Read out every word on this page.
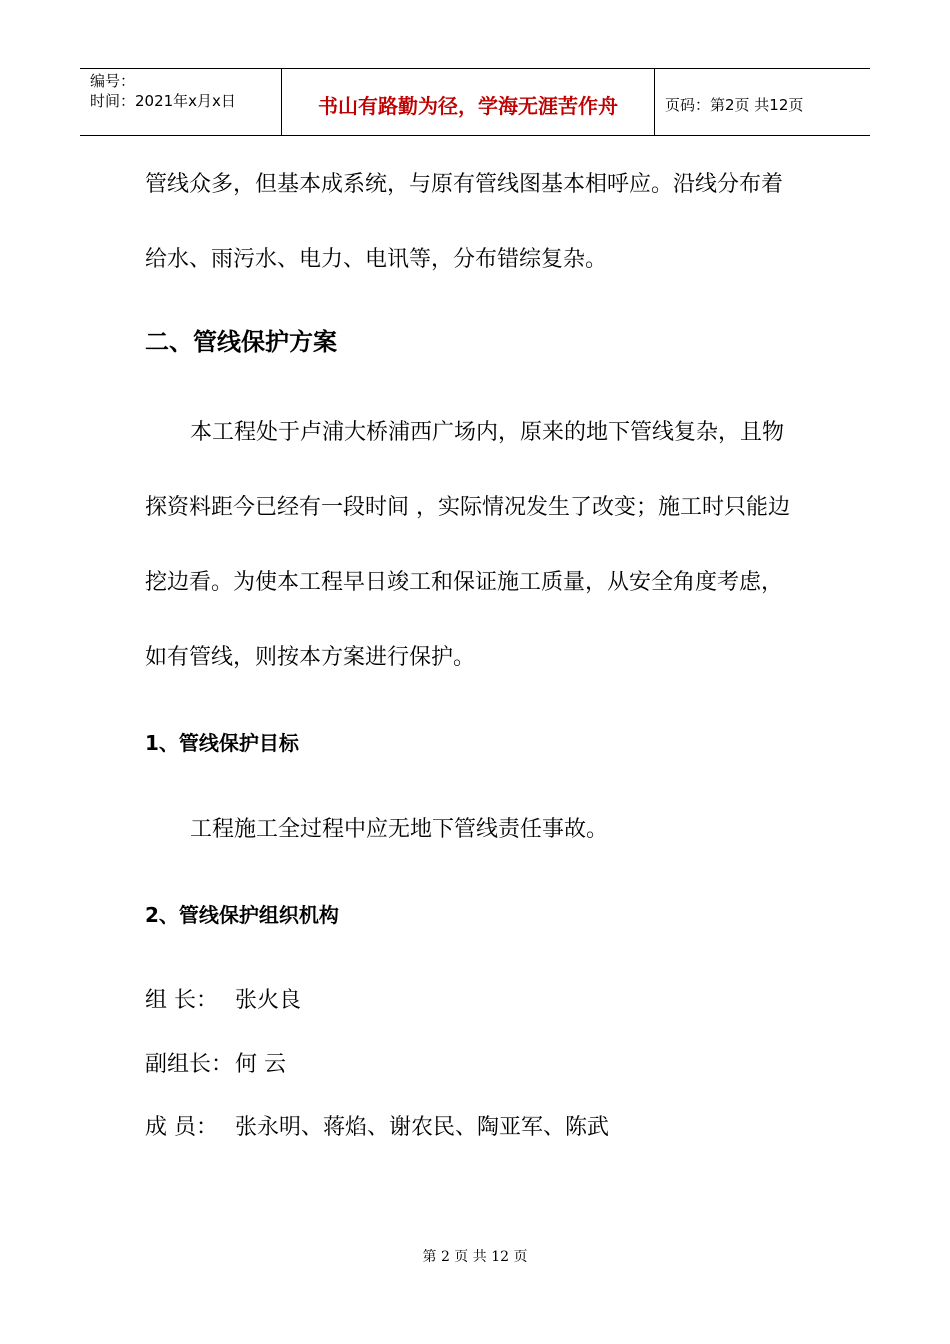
编号：
时间：2021年x月x日	书山有路勤为径，学海无涯苦作舟	页码：第2页 共12页
管线众多，但基本成系统，与原有管线图基本相呼应。沿线分布着
给水、雨污水、电力、电讯等，分布错综复杂。
二、管线保护方案
本工程处于卢浦大桥浦西广场内，原来的地下管线复杂，且物
探资料距今已经有一段时间 ，实际情况发生了改变；施工时只能边
挖边看。为使本工程早日竣工和保证施工质量，从安全角度考虑，
如有管线，则按本方案进行保护。
1、管线保护目标
工程施工全过程中应无地下管线责任事故。
2、管线保护组织机构
组 长： 张火良
副组长：何 云
成 员： 张永明、蒋焰、谢农民、陶亚军、陈武
第 2 页 共 12 页
